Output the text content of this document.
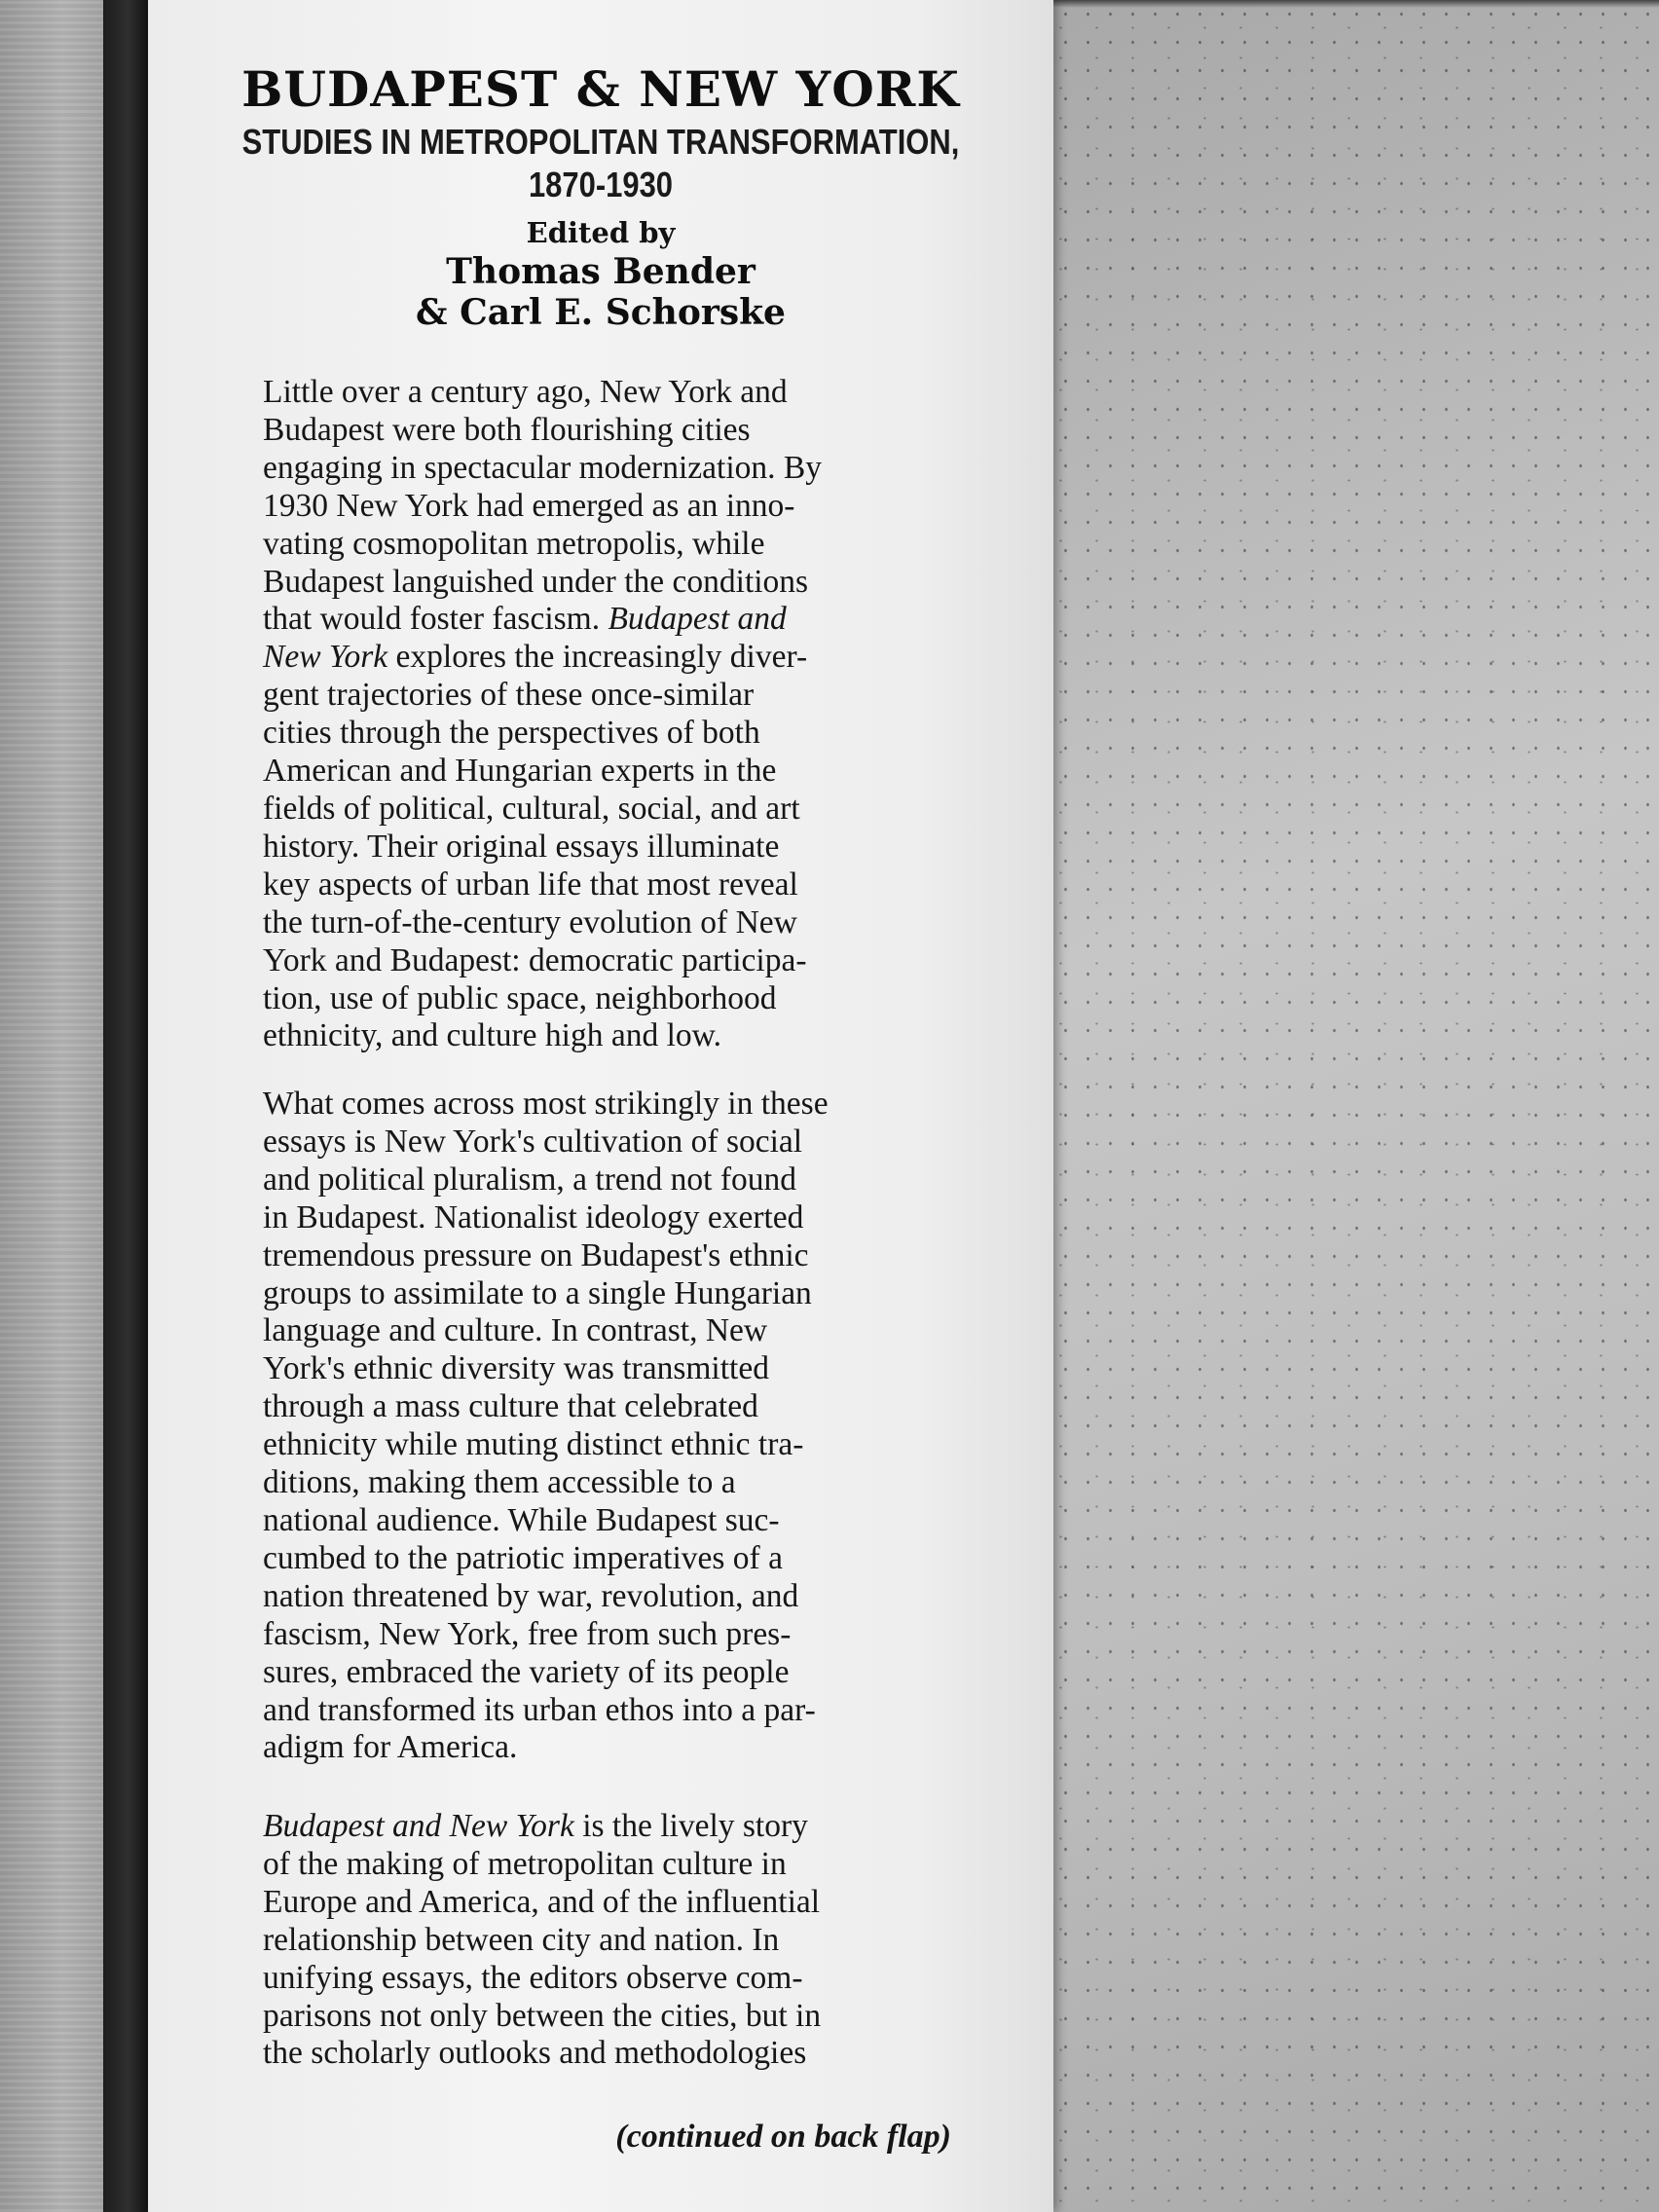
BUDAPEST & NEW YORK
STUDIES IN METROPOLITAN TRANSFORMATION,
1870-1930
Edited by
Thomas Bender
& Carl E. Schorske

Little over a century ago, New York and
Budapest were both flourishing cities
engaging in spectacular modernization. By
1930 New York had emerged as an inno-
vating cosmopolitan metropolis, while
Budapest languished under the conditions
that would foster fascism. Budapest and
New York explores the increasingly diver-
gent trajectories of these once-similar
cities through the perspectives of both
American and Hungarian experts in the
fields of political, cultural, social, and art
history. Their original essays illuminate
key aspects of urban life that most reveal
the turn-of-the-century evolution of New
York and Budapest: democratic participa-
tion, use of public space, neighborhood
ethnicity, and culture high and low.

What comes across most strikingly in these
essays is New York's cultivation of social
and political pluralism, a trend not found
in Budapest. Nationalist ideology exerted
tremendous pressure on Budapest's ethnic
groups to assimilate to a single Hungarian
language and culture. In contrast, New
York's ethnic diversity was transmitted
through a mass culture that celebrated
ethnicity while muting distinct ethnic tra-
ditions, making them accessible to a
national audience. While Budapest suc-
cumbed to the patriotic imperatives of a
nation threatened by war, revolution, and
fascism, New York, free from such pres-
sures, embraced the variety of its people
and transformed its urban ethos into a par-
adigm for America.

Budapest and New York is the lively story
of the making of metropolitan culture in
Europe and America, and of the influential
relationship between city and nation. In
unifying essays, the editors observe com-
parisons not only between the cities, but in
the scholarly outlooks and methodologies

(continued on back flap)
